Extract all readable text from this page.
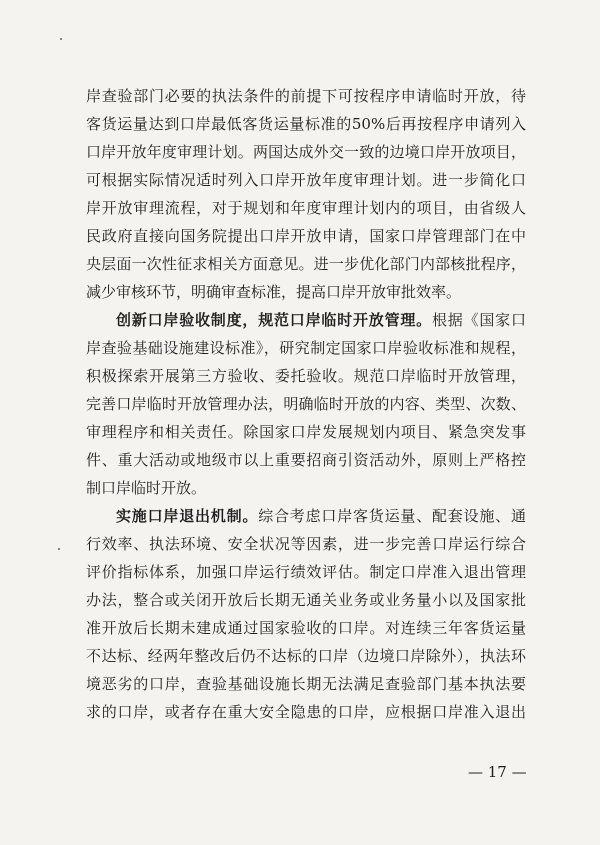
岸查验部门必要的执法条件的前提下可按程序申请临时开放，待
客货运量达到口岸最低客货运量标准的50%后再按程序申请列入
口岸开放年度审理计划。两国达成外交一致的边境口岸开放项目，
可根据实际情况适时列入口岸开放年度审理计划。进一步简化口
岸开放审理流程，对于规划和年度审理计划内的项目，由省级人
民政府直接向国务院提出口岸开放申请，国家口岸管理部门在中
央层面一次性征求相关方面意见。进一步优化部门内部核批程序，
减少审核环节，明确审查标准，提高口岸开放审批效率。
创新口岸验收制度，规范口岸临时开放管理。根据《国家口
岸查验基础设施建设标准》，研究制定国家口岸验收标准和规程，
积极探索开展第三方验收、委托验收。规范口岸临时开放管理，
完善口岸临时开放管理办法，明确临时开放的内容、类型、次数、
审理程序和相关责任。除国家口岸发展规划内项目、紧急突发事
件、重大活动或地级市以上重要招商引资活动外，原则上严格控
制口岸临时开放。
实施口岸退出机制。综合考虑口岸客货运量、配套设施、通
行效率、执法环境、安全状况等因素，进一步完善口岸运行综合
评价指标体系，加强口岸运行绩效评估。制定口岸准入退出管理
办法，整合或关闭开放后长期无通关业务或业务量小以及国家批
准开放后长期未建成通过国家验收的口岸。对连续三年客货运量
不达标、经两年整改后仍不达标的口岸（边境口岸除外），执法环
境恶劣的口岸，查验基础设施长期无法满足查验部门基本执法要
求的口岸，或者存在重大安全隐患的口岸，应根据口岸准入退出
— 17 —
